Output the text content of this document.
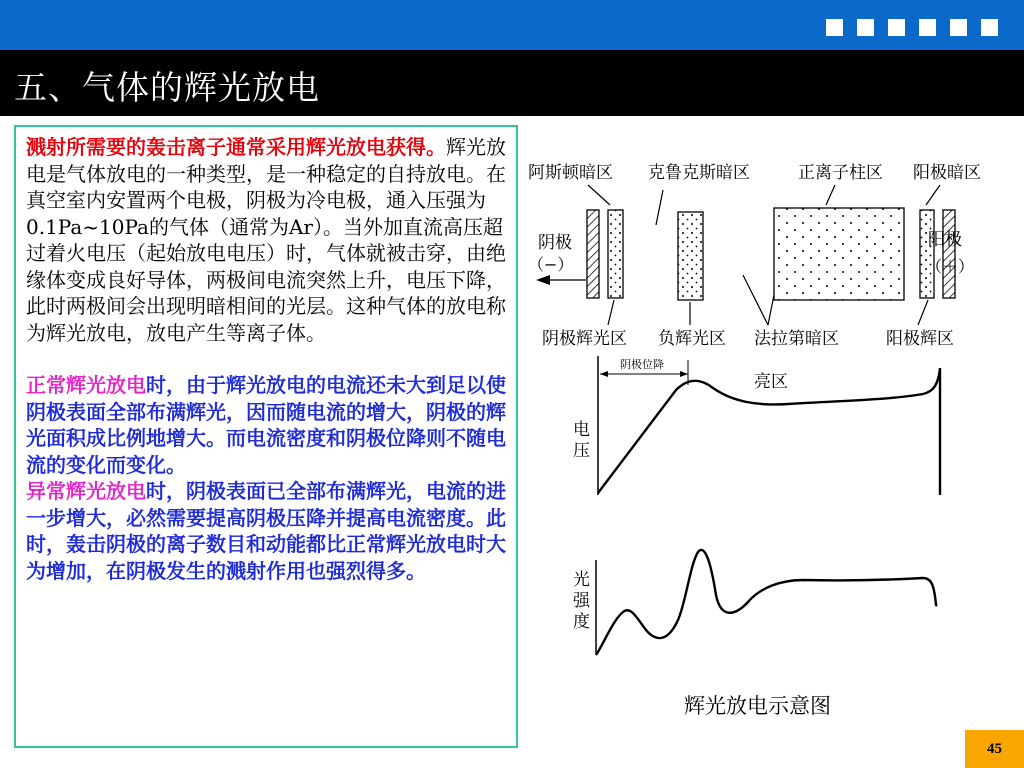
五、气体的辉光放电

溅射所需要的轰击离子通常采用辉光放电获得。辉光放电是气体放电的一种类型，是一种稳定的自持放电。在真空室内安置两个电极，阴极为冷电极，通入压强为0.1Pa~10Pa的气体（通常为Ar）。当外加直流高压超过着火电压（起始放电电压）时，气体就被击穿，由绝缘体变成良好导体，两极间电流突然上升，电压下降，此时两极间会出现明暗相间的光层。这种气体的放电称为辉光放电，放电产生等离子体。

正常辉光放电时，由于辉光放电的电流还未大到足以使阴极表面全部布满辉光，因而随电流的增大，阴极的辉光面积成比例地增大。而电流密度和阴极位降则不随电流的变化而变化。

异常辉光放电时，阴极表面已全部布满辉光，电流的进一步增大，必然需要提高阴极压降并提高电流密度。此时，轰击阴极的离子数目和动能都比正常辉光放电时大为增加，在阴极发生的溅射作用也强烈得多。

阿斯顿暗区 克鲁克斯暗区	正离子柱区 阳极暗区
阴极
（−）
阳极
（＋）
阴极辉光区 负辉光区 法拉第暗区	阳极辉区
电
压
阴极位降
亮区
光
强
度
辉光放电示意图
45
